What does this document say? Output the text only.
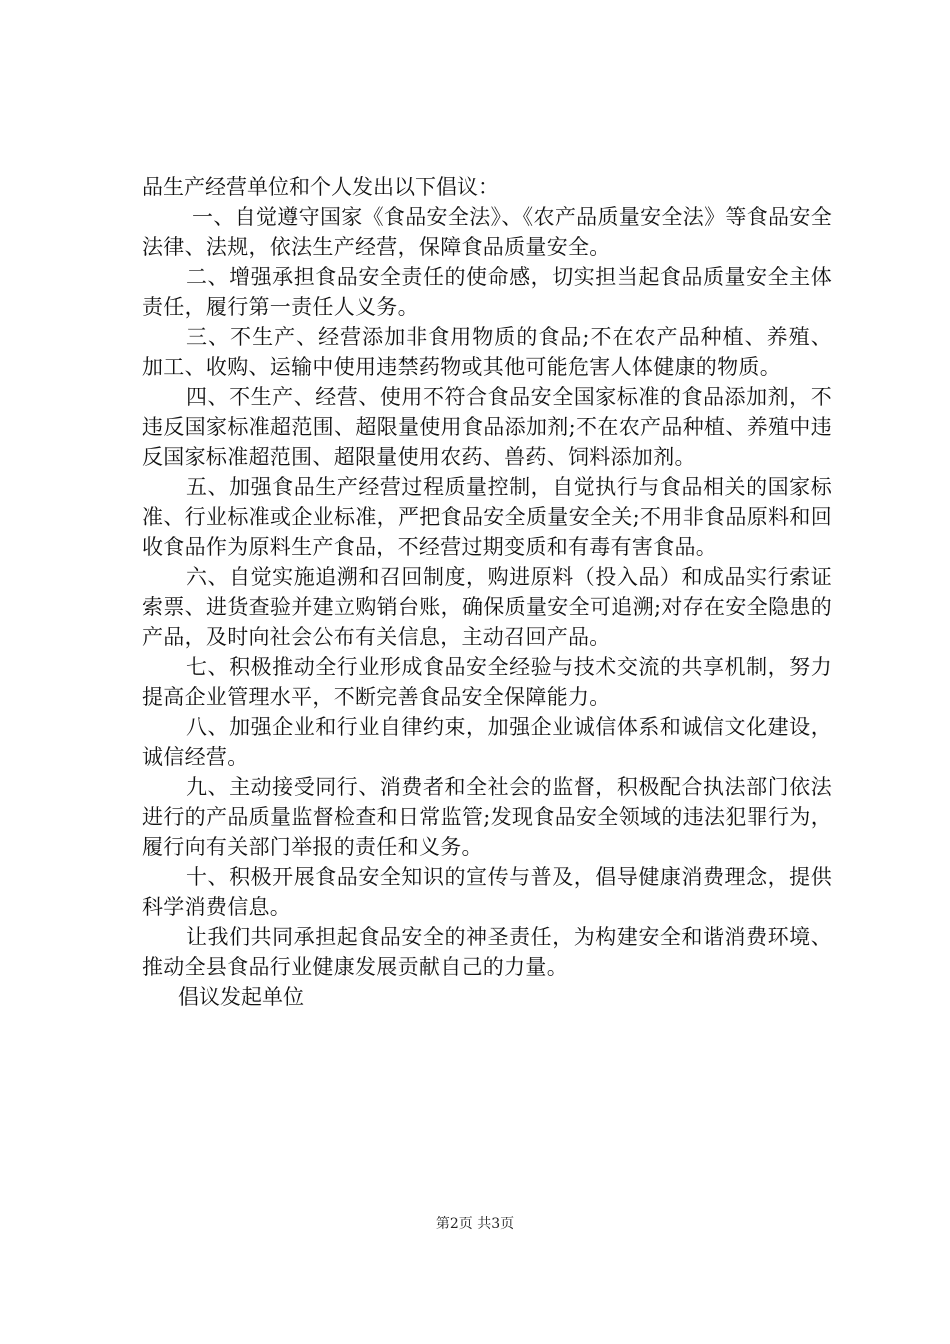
品生产经营单位和个人发出以下倡议：

一、自觉遵守国家《食品安全法》、《农产品质量安全法》等食品安全法律、法规，依法生产经营，保障食品质量安全。

二、增强承担食品安全责任的使命感，切实担当起食品质量安全主体责任，履行第一责任人义务。

三、不生产、经营添加非食用物质的食品;不在农产品种植、养殖、加工、收购、运输中使用违禁药物或其他可能危害人体健康的物质。

四、不生产、经营、使用不符合食品安全国家标准的食品添加剂，不违反国家标准超范围、超限量使用食品添加剂;不在农产品种植、养殖中违反国家标准超范围、超限量使用农药、兽药、饲料添加剂。

五、加强食品生产经营过程质量控制，自觉执行与食品相关的国家标准、行业标准或企业标准，严把食品安全质量安全关;不用非食品原料和回收食品作为原料生产食品，不经营过期变质和有毒有害食品。

六、自觉实施追溯和召回制度，购进原料（投入品）和成品实行索证索票、进货查验并建立购销台账，确保质量安全可追溯;对存在安全隐患的产品，及时向社会公布有关信息，主动召回产品。

七、积极推动全行业形成食品安全经验与技术交流的共享机制，努力提高企业管理水平，不断完善食品安全保障能力。

八、加强企业和行业自律约束，加强企业诚信体系和诚信文化建设，诚信经营。

九、主动接受同行、消费者和全社会的监督，积极配合执法部门依法进行的产品质量监督检查和日常监管;发现食品安全领域的违法犯罪行为，履行向有关部门举报的责任和义务。

十、积极开展食品安全知识的宣传与普及，倡导健康消费理念，提供科学消费信息。

让我们共同承担起食品安全的神圣责任，为构建安全和谐消费环境、推动全县食品行业健康发展贡献自己的力量。

倡议发起单位

第2页 共3页
